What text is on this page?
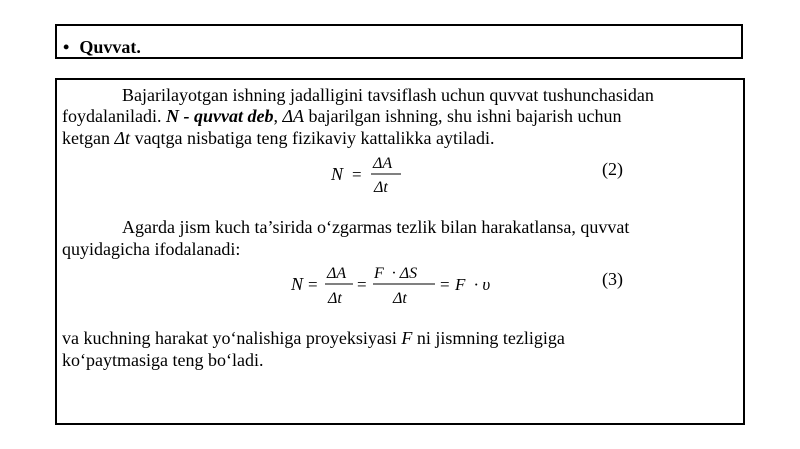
• Quvvat.
Bajarilayotgan ishning jadalligini tavsiflash uchun quvvat tushunchasidan
foydalaniladi. N - quvvat deb, ΔA bajarilgan ishning, shu ishni bajarish uchun
ketgan Δt vaqtga nisbatiga teng fizikaviy kattalikka aytiladi.
N =
ΔA
Δt
(2)
Agarda jism kuch ta’sirida o‘zgarmas tezlik bilan harakatlansa, quvvat
quyidagicha ifodalanadi:
N =
ΔA
Δt
=
F  · ΔS
Δt
= F  · υ	(3)
va kuchning harakat yo‘nalishiga proyeksiyasi F ni jismning tezligiga
ko‘paytmasiga teng bo‘ladi.
